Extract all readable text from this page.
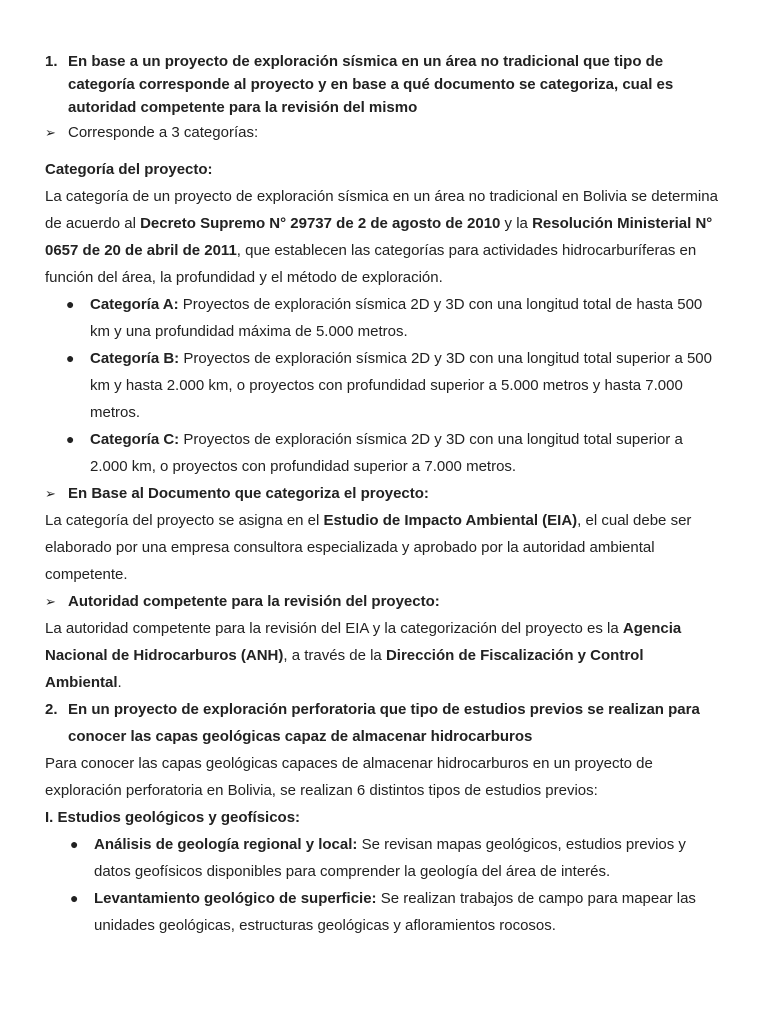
1. En base a un proyecto de exploración sísmica en un área no tradicional que tipo de categoría corresponde al proyecto y en base a qué documento se categoriza, cual es autoridad competente para la revisión del mismo
➢ Corresponde a 3 categorías:
Categoría del proyecto:
La categoría de un proyecto de exploración sísmica en un área no tradicional en Bolivia se determina de acuerdo al Decreto Supremo N° 29737 de 2 de agosto de 2010 y la Resolución Ministerial N° 0657 de 20 de abril de 2011, que establecen las categorías para actividades hidrocarburíferas en función del área, la profundidad y el método de exploración.
● Categoría A: Proyectos de exploración sísmica 2D y 3D con una longitud total de hasta 500 km y una profundidad máxima de 5.000 metros.
● Categoría B: Proyectos de exploración sísmica 2D y 3D con una longitud total superior a 500 km y hasta 2.000 km, o proyectos con profundidad superior a 5.000 metros y hasta 7.000 metros.
● Categoría C: Proyectos de exploración sísmica 2D y 3D con una longitud total superior a 2.000 km, o proyectos con profundidad superior a 7.000 metros.
➢ En Base al Documento que categoriza el proyecto:
La categoría del proyecto se asigna en el Estudio de Impacto Ambiental (EIA), el cual debe ser elaborado por una empresa consultora especializada y aprobado por la autoridad ambiental competente.
➢ Autoridad competente para la revisión del proyecto:
La autoridad competente para la revisión del EIA y la categorización del proyecto es la Agencia Nacional de Hidrocarburos (ANH), a través de la Dirección de Fiscalización y Control Ambiental.
2. En un proyecto de exploración perforatoria que tipo de estudios previos se realizan para conocer las capas geológicas capaz de almacenar hidrocarburos
Para conocer las capas geológicas capaces de almacenar hidrocarburos en un proyecto de exploración perforatoria en Bolivia, se realizan 6 distintos tipos de estudios previos:
I. Estudios geológicos y geofísicos:
● Análisis de geología regional y local: Se revisan mapas geológicos, estudios previos y datos geofísicos disponibles para comprender la geología del área de interés.
● Levantamiento geológico de superficie: Se realizan trabajos de campo para mapear las unidades geológicas, estructuras geológicas y afloramientos rocosos.
